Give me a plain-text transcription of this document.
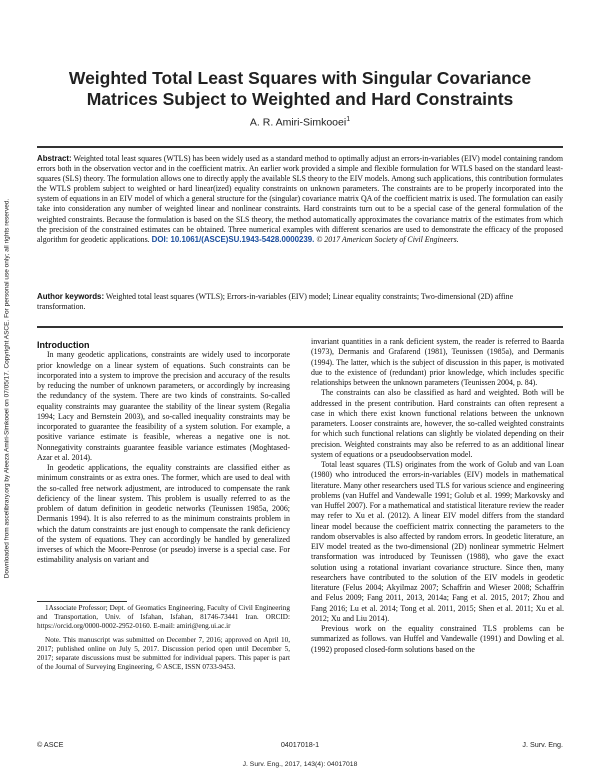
Downloaded from ascelibrary.org by Aleeza Amiri-Simkooei on 07/05/17. Copyright ASCE. For personal use only; all rights reserved.
Weighted Total Least Squares with Singular Covariance Matrices Subject to Weighted and Hard Constraints
A. R. Amiri-Simkooei$^1$
Abstract: Weighted total least squares (WTLS) has been widely used as a standard method to optimally adjust an errors-in-variables (EIV) model containing random errors both in the observation vector and in the coefficient matrix. An earlier work provided a simple and flexible formulation for WTLS based on the standard least-squares (SLS) theory. The formulation allows one to directly apply the available SLS theory to the EIV models. Among such applications, this contribution formulates the WTLS problem subject to weighted or hard linear(ized) equality constraints on unknown parameters. The constraints are to be properly incorporated into the system of equations in an EIV model of which a general structure for the (singular) covariance matrix QA of the coefficient matrix is used. The formulation can easily take into consideration any number of weighted linear and nonlinear constraints. Hard constraints turn out to be a special case of the general formulation of the weighted constraints. Because the formulation is based on the SLS theory, the method automatically approximates the covariance matrix of the estimates from which the precision of the constrained estimates can be obtained. Three numerical examples with different scenarios are used to demonstrate the efficacy of the proposed algorithm for geodetic applications. DOI: 10.1061/(ASCE)SU.1943-5428.0000239. © 2017 American Society of Civil Engineers.
Author keywords: Weighted total least squares (WTLS); Errors-in-variables (EIV) model; Linear equality constraints; Two-dimensional (2D) affine transformation.

Introduction

In many geodetic applications, constraints are widely used to incorporate prior knowledge on a linear system of equations. Such constraints can be incorporated into a system to improve the precision and accuracy of the results by reducing the number of unknown parameters, or accordingly by increasing the redundancy of the system. There are two kinds of constraints. So-called equality constraints may guarantee the stability of the linear system (Regalia 1994; Lacy and Bernstein 2003), and so-called inequality constraints may be incorporated to guarantee the feasibility of a system solution. For example, a positive variance estimate is feasible, whereas a negative one is not. Nonnegativity constraints guarantee feasible variance estimates (Moghtased-Azar et al. 2014).

In geodetic applications, the equality constraints are classified either as minimum constraints or as extra ones. The former, which are used to deal with the so-called free network adjustment, are introduced to compensate the rank deficiency of the linear system. This problem is usually referred to as the problem of datum definition in geodetic networks (Teunissen 1985a, 2006; Dermanis 1994). It is also referred to as the minimum constraints problem in which the datum constraints are just enough to compensate the rank deficiency of the system of equations. They can accordingly be handled by generalized inverses of which the Moore-Penrose (or pseudo) inverse is a special case. For estimability analysis on variant and

1Associate Professor; Dept. of Geomatics Engineering, Faculty of Civil Engineering and Transportation, Univ. of Isfahan, Isfahan, 81746-73441 Iran. ORCID: https://orcid.org/0000-0002-2952-0160. E-mail: amiri@eng.ui.ac.ir

Note. This manuscript was submitted on December 7, 2016; approved on April 10, 2017; published online on July 5, 2017. Discussion period open until December 5, 2017; separate discussions must be submitted for individual papers. This paper is part of the Journal of Surveying Engineering, © ASCE, ISSN 0733-9453.

invariant quantities in a rank deficient system, the reader is referred to Baarda (1973), Dermanis and Grafarend (1981), Teunissen (1985a), and Dermanis (1994). The latter, which is the subject of discussion in this paper, is motivated due to the existence of (redundant) prior knowledge, which includes specific relationships between the unknown parameters (Teunissen 2004, p. 84).

The constraints can also be classified as hard and weighted. Both will be addressed in the present contribution. Hard constraints can often represent a case in which there exist known functional relations between the unknown parameters. Looser constraints are, however, the so-called weighted constraints for which such functional relations can slightly be violated depending on their precision. Weighted constraints may also be referred to as an additional linear system of equations or a pseudoobservation model.

Total least squares (TLS) originates from the work of Golub and van Loan (1980) who introduced the errors-in-variables (EIV) models in mathematical literature. Many other researchers used TLS for various science and engineering problems (van Huffel and Vandewalle 1991; Golub et al. 1999; Markovsky and van Huffel 2007). For a mathematical and statistical literature review the reader may refer to Xu et al. (2012). A linear EIV model differs from the standard linear model because the coefficient matrix connecting the parameters to the random observables is also affected by random errors. In geodetic literature, an EIV model treated as the two-dimensional (2D) nonlinear symmetric Helmert transformation was introduced by Teunissen (1988), who gave the exact solution using a rotational invariant covariance structure. Since then, many researchers have contributed to the solution of the EIV models in geodetic literature (Felus 2004; Akyilmaz 2007; Schaffrin and Wieser 2008; Schaffrin and Felus 2009; Fang 2011, 2013, 2014a; Fang et al. 2015, 2017; Zhou and Fang 2016; Lu et al. 2014; Tong et al. 2011, 2015; Shen et al. 2011; Xu et al. 2012; Xu and Liu 2014).

Previous work on the equality constrained TLS problems can be summarized as follows. van Huffel and Vandewalle (1991) and Dowling et al. (1992) proposed closed-form solutions based on the

© ASCE	04017018-1	J. Surv. Eng.
J. Surv. Eng., 2017, 143(4): 04017018
